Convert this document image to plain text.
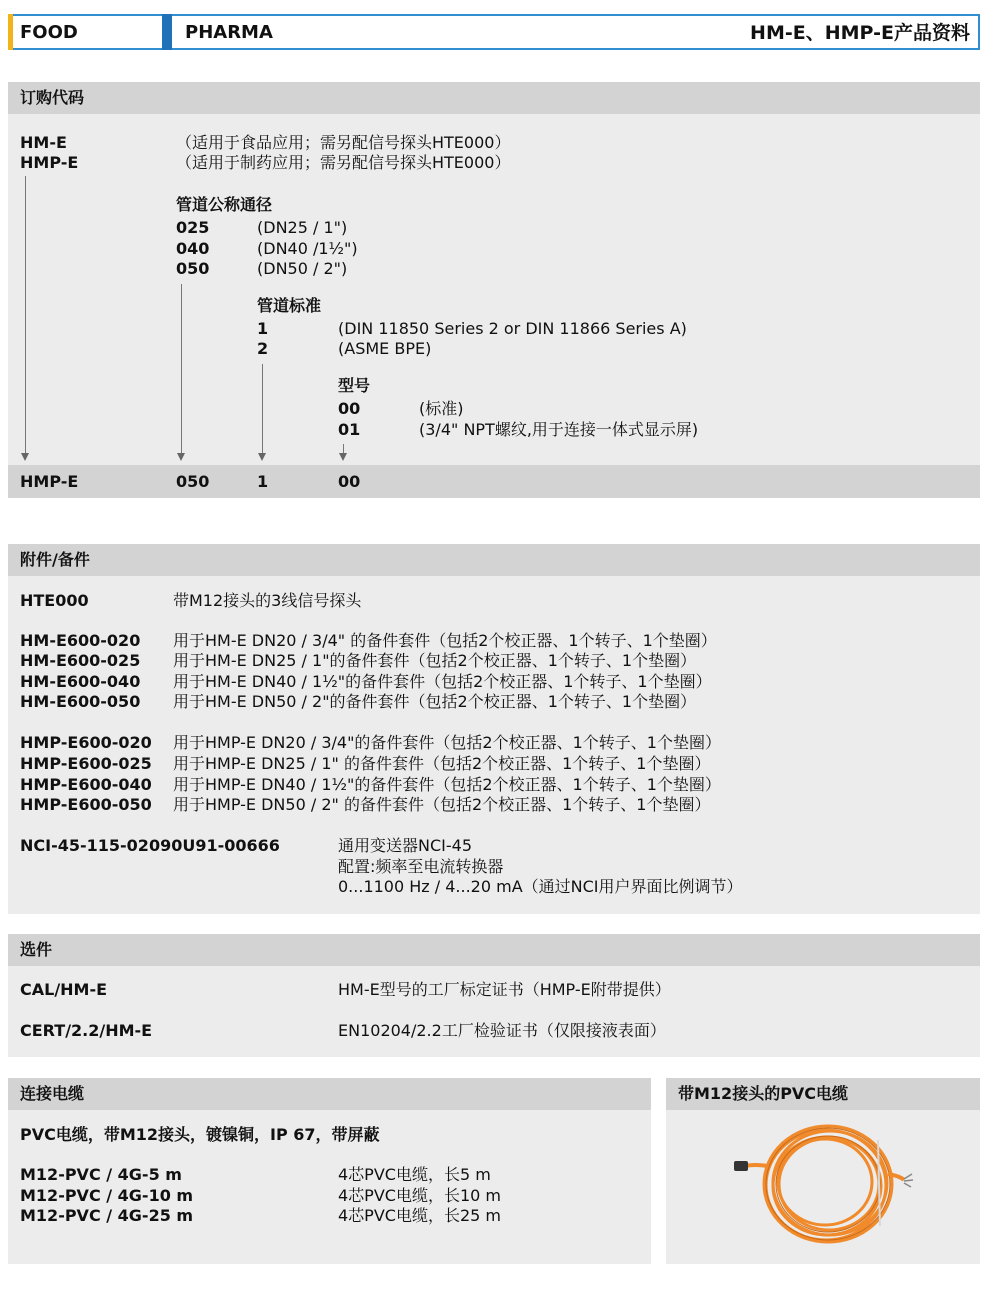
FOOD	PHARMA	HM-E、HMP-E产品资料
订购代码
HM-E	（适用于食品应用；需另配信号探头HTE000）
HMP-E	（适用于制药应用；需另配信号探头HTE000）
管道公称通径
025	(DN25 / 1")
040	(DN40 /1½")
050	(DN50 / 2")
管道标准
1	(DIN 11850 Series 2 or DIN 11866 Series A)
2	(ASME BPE)
型号
00	(标准)
01	(3/4" NPT螺纹,用于连接一体式显示屏)
HMP-E	050	1	00
附件/备件
HTE000	带M12接头的3线信号探头
HM-E600-020 用于HM-E DN20 / 3/4" 的备件套件（包括2个校正器、1个转子、1个垫圈）
HM-E600-025 用于HM-E DN25 / 1"的备件套件（包括2个校正器、1个转子、1个垫圈）
HM-E600-040 用于HM-E DN40 / 1½"的备件套件（包括2个校正器、1个转子、1个垫圈）
HM-E600-050 用于HM-E DN50 / 2"的备件套件（包括2个校正器、1个转子、1个垫圈）
HMP-E600-020 用于HMP-E DN20 / 3/4"的备件套件（包括2个校正器、1个转子、1个垫圈）
HMP-E600-025 用于HMP-E DN25 / 1" 的备件套件（包括2个校正器、1个转子、1个垫圈）
HMP-E600-040 用于HMP-E DN40 / 1½"的备件套件（包括2个校正器、1个转子、1个垫圈）
HMP-E600-050 用于HMP-E DN50 / 2" 的备件套件（包括2个校正器、1个转子、1个垫圈）
NCI-45-115-02090U91-00666	通用变送器NCI-45
配置:频率至电流转换器
0...1100 Hz / 4...20 mA（通过NCI用户界面比例调节）
选件
CAL/HM-E	HM-E型号的工厂标定证书（HMP-E附带提供）
CERT/2.2/HM-E	EN10204/2.2工厂检验证书（仅限接液表面）
连接电缆
PVC电缆，带M12接头，镀镍铜，IP 67，带屏蔽
M12-PVC / 4G-5 m	4芯PVC电缆，长5 m
M12-PVC / 4G-10 m	4芯PVC电缆，长10 m
M12-PVC / 4G-25 m	4芯PVC电缆，长25 m
带M12接头的PVC电缆
